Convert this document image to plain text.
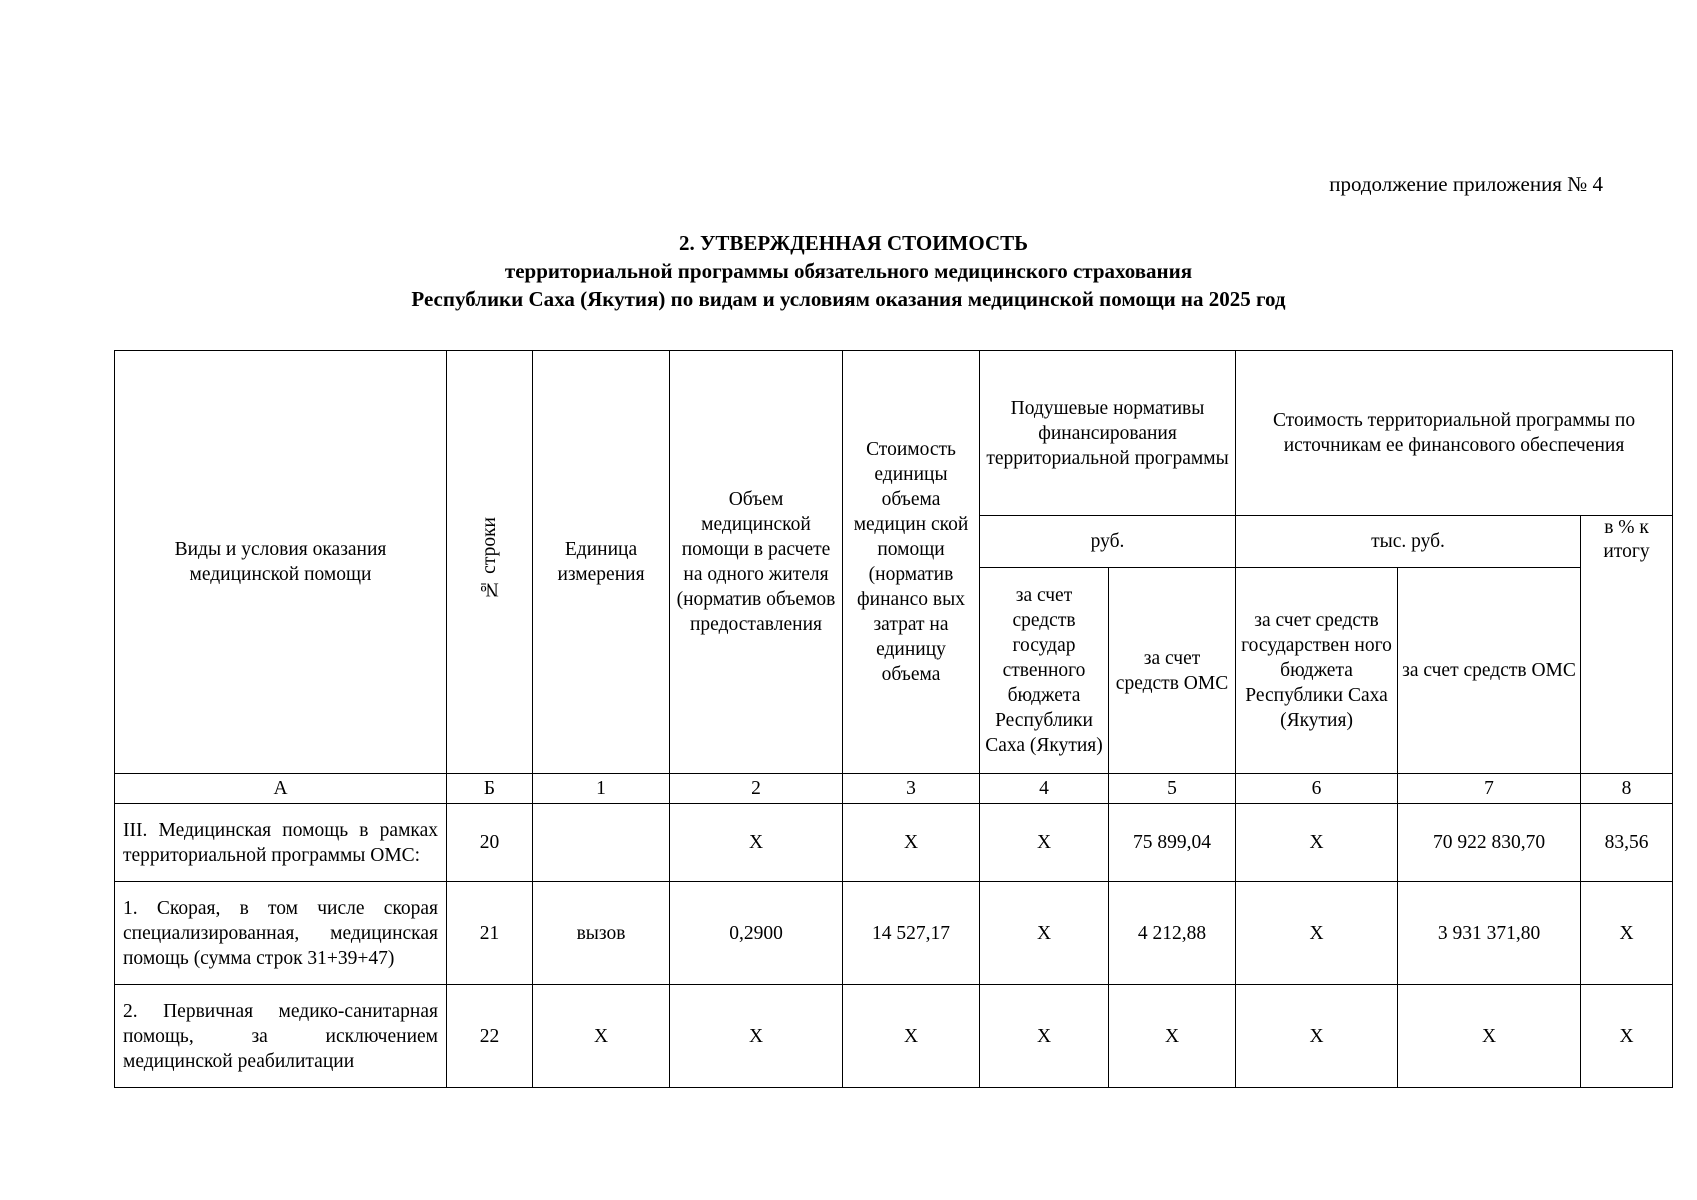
продолжение приложения № 4
2. УТВЕРЖДЕННАЯ СТОИМОСТЬ
территориальной программы обязательного медицинского страхования
Республики Саха (Якутия) по видам и условиям оказания медицинской помощи на 2025 год
Виды и условия оказания медицинской помощи	№ строки	Единица измерения	Объем медицинской помощи в расчете на одного жителя (норматив объемов предоставления	Стоимость единицы объема медицин ской помощи (норматив финансо вых затрат на единицу объема	Подушевые нормативы финансирования территориальной программы		Стоимость территориальной программы по источникам ее финансового обеспечения		
					руб.		тыс. руб.		в % к итогу
					за счет средств государ ственного бюджета Республики Саха (Якутия)	за счет средств ОМС	за счет средств государствен ного бюджета Республики Саха (Якутия)	за счет средств ОМС	
А	Б	1	2	3	4	5	6	7	8
III. Медицинская помощь в рамках территориальной программы ОМС:	20		Х	Х	Х	75 899,04	Х	70 922 830,70	83,56
1. Скорая, в том числе скорая специализированная, медицинская помощь (сумма строк 31+39+47)	21	вызов	0,2900	14 527,17	Х	4 212,88	Х	3 931 371,80	Х
2. Первичная медико-санитарная помощь, за исключением медицинской реабилитации	22	Х	Х	Х	Х	Х	Х	Х	Х
